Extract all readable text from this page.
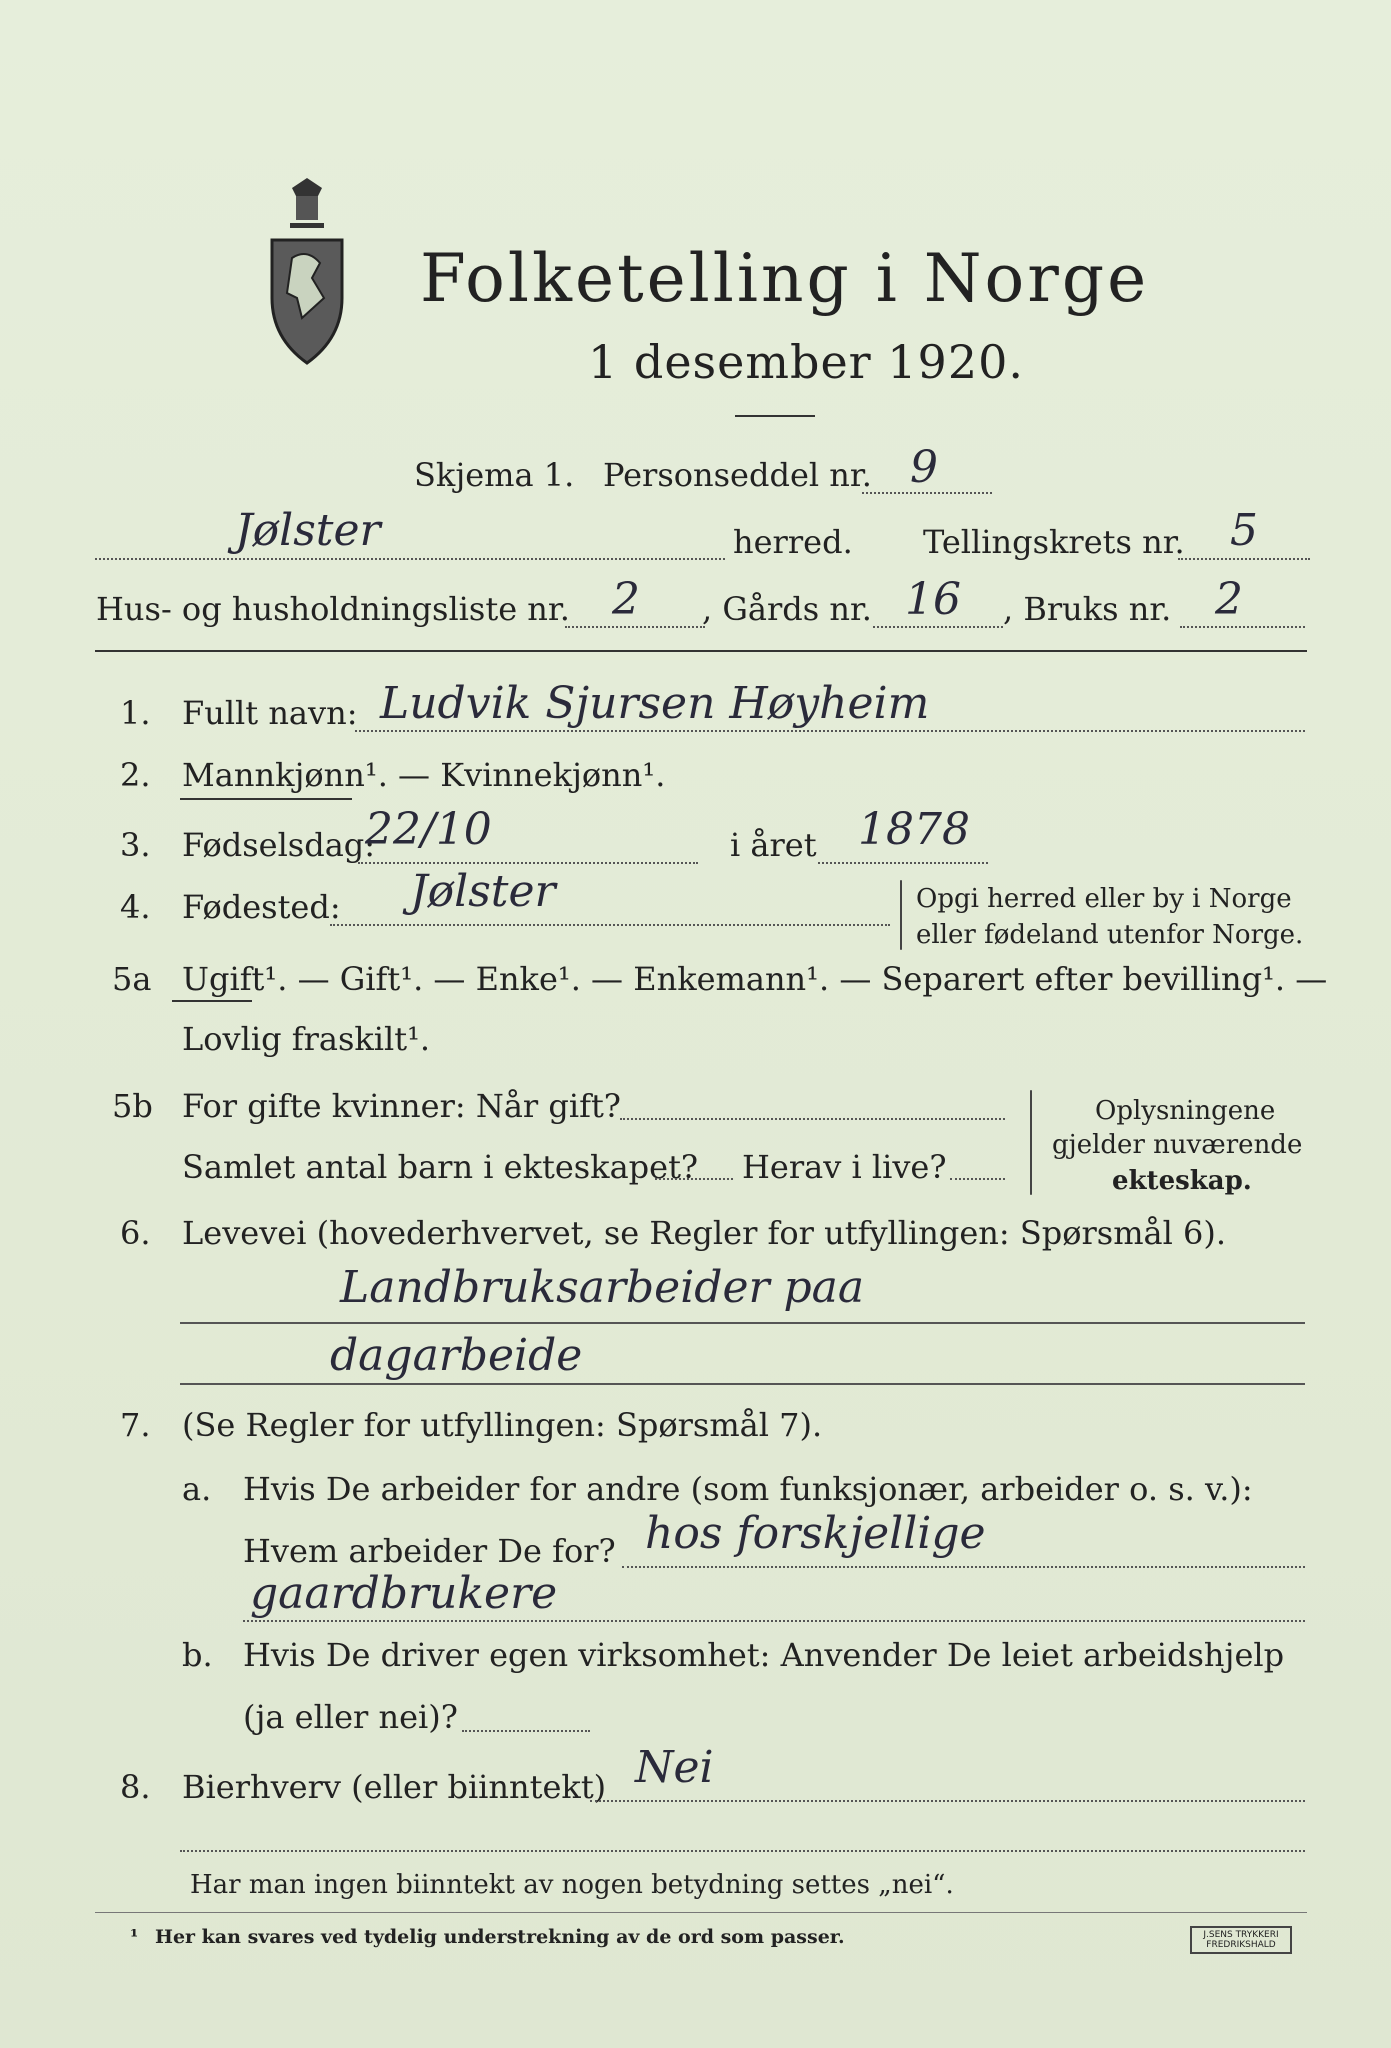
Folketelling i Norge
1 desember 1920.
Skjema 1. Personseddel nr. 9
Jølster	herred. Tellingskrets nr. 5
Hus- og husholdningsliste nr. 2 , Gårds nr. 16 , Bruks nr. 2
1. Fullt navn: Ludvik Sjursen Høyheim
2. Mannkjønn¹. — Kvinnekjønn¹.
3. Fødselsdag:
22/10	i året 1878
4. Fødested: Jølster	Opgi herred eller by i Norge
eller fødeland utenfor Norge.
5a Ugift¹. — Gift¹. — Enke¹. — Enkemann¹. — Separert efter bevilling¹. —
Lovlig fraskilt¹.
5b For gifte kvinner: Når gift?
Samlet antal barn i ekteskapet? Herav i live?
Oplysningene
gjelder nuværende
ekteskap.
6. Levevei (hovederhvervet, se Regler for utfyllingen: Spørsmål 6).
Landbruksarbeider paa
dagarbeide
7. (Se Regler for utfyllingen: Spørsmål 7).
a. Hvis De arbeider for andre (som funksjonær, arbeider o. s. v.):
Hvem arbeider De for? hos forskjellige
gaardbrukere
b. Hvis De driver egen virksomhet: Anvender De leiet arbeidshjelp
(ja eller nei)?
8. Bierhverv (eller biinntekt) Nei
Har man ingen biinntekt av nogen betydning settes „nei“.
¹ Her kan svares ved tydelig understrekning av de ord som passer.	J.SENS TRYKKERI FREDRIKSHALD
